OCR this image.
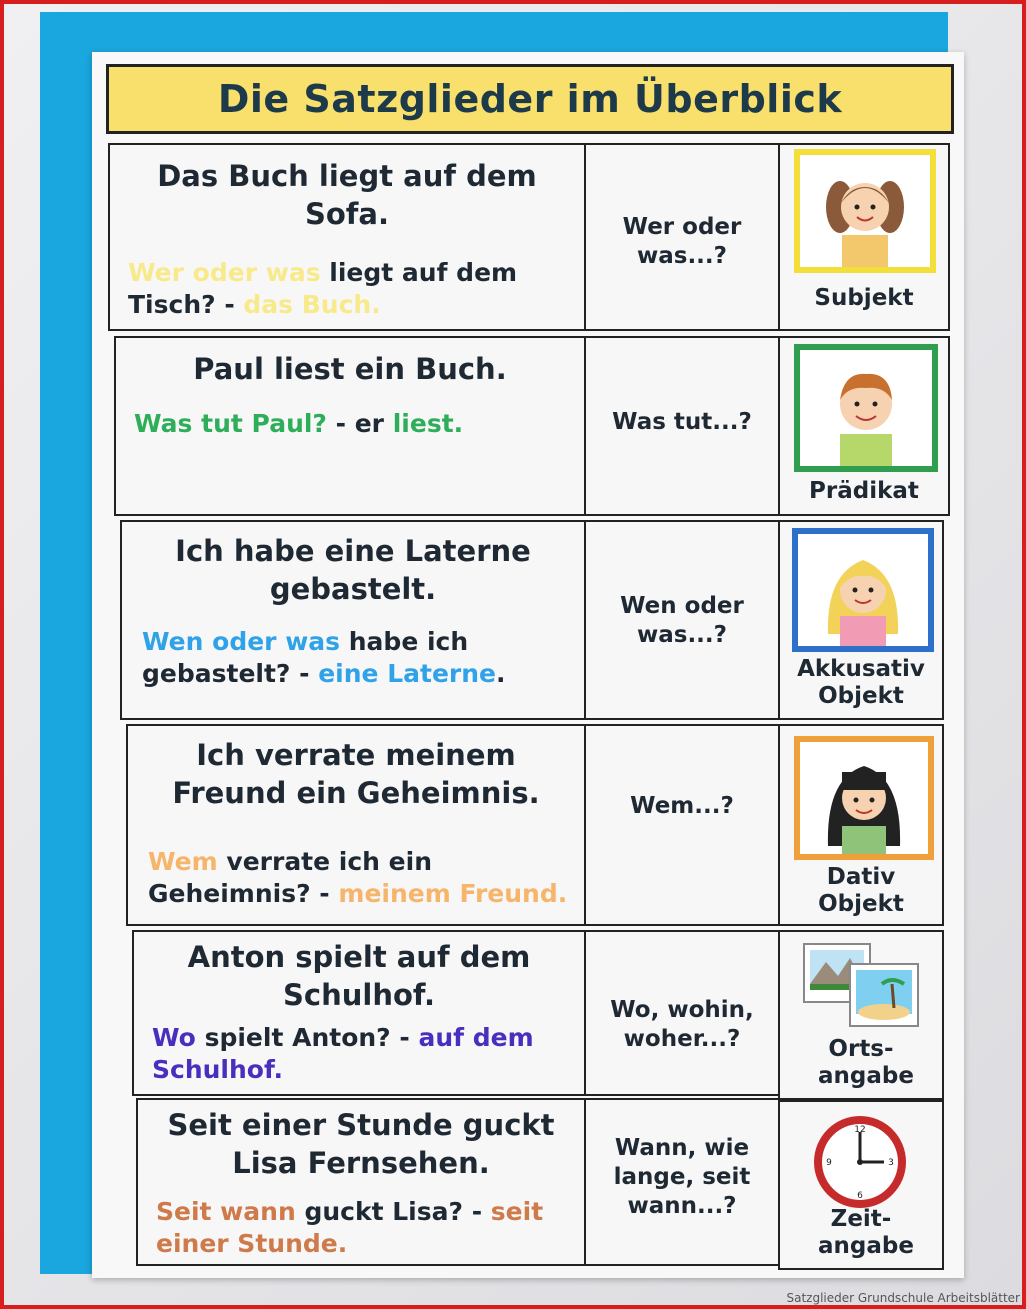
Die Satzglieder im Überblick
Das Buch liegt auf dem Sofa.
Wer oder was liegt auf dem Tisch? - das Buch.
Wer oder was...?
Subjekt
Paul liest ein Buch.
Was tut Paul? - er liest.	Was tut...?
Prädikat
Ich habe eine Laterne gebastelt.
Wen oder was habe ich gebastelt? - eine Laterne.
Wen oder was...?
Akkusativ Objekt
Ich verrate meinem Freund ein Geheimnis.
Wem verrate ich ein Geheimnis? - meinem Freund.
Wem...?
Dativ Objekt
Anton spielt auf dem Schulhof.
Wo spielt Anton? - auf dem Schulhof.
Wo, wohin, woher...?	Orts-angabe
Seit einer Stunde guckt Lisa Fernsehen.
Seit wann guckt Lisa? - seit einer Stunde.
Wann, wie lange, seit wann...?
12
3
6
9
Zeit-angabe
Satzglieder Grundschule Arbeitsblätter
